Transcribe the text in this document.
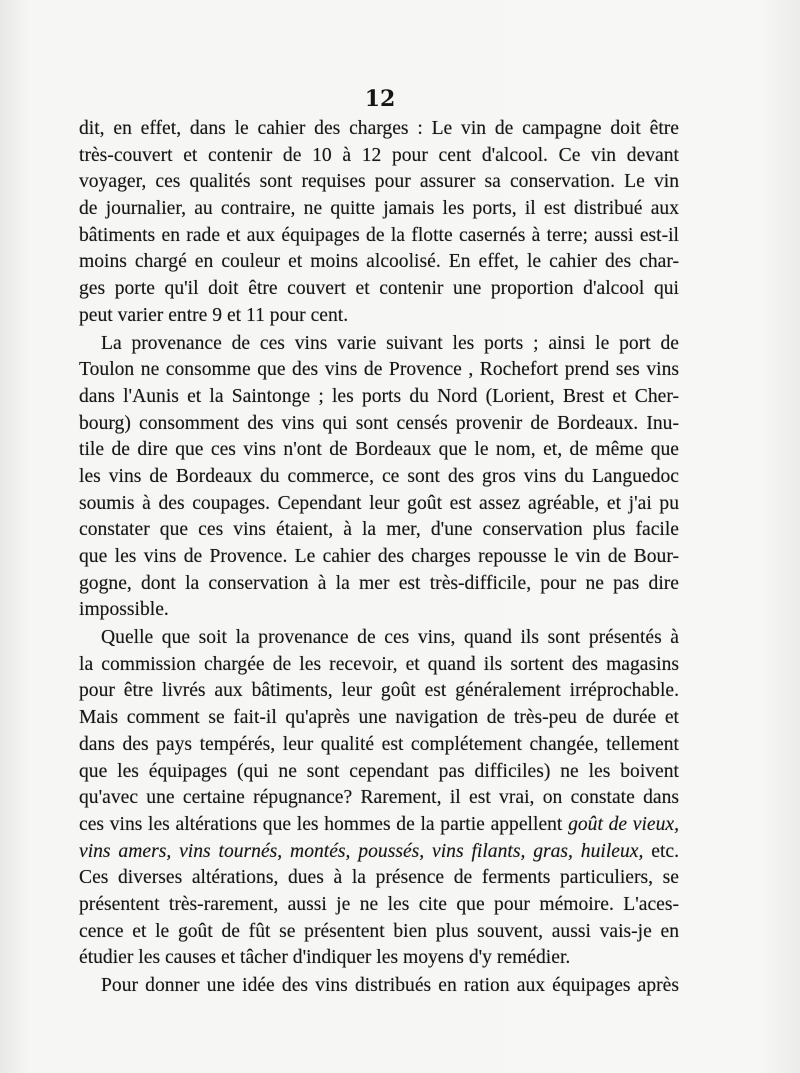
12
dit, en effet, dans le cahier des charges : Le vin de campagne doit être
très-couvert et contenir de 10 à 12 pour cent d'alcool. Ce vin devant
voyager, ces qualités sont requises pour assurer sa conservation. Le vin
de journalier, au contraire, ne quitte jamais les ports, il est distribué aux
bâtiments en rade et aux équipages de la flotte casernés à terre; aussi est-il
moins chargé en couleur et moins alcoolisé. En effet, le cahier des char-
ges porte qu'il doit être couvert et contenir une proportion d'alcool qui
peut varier entre 9 et 11 pour cent.
La provenance de ces vins varie suivant les ports ; ainsi le port de
Toulon ne consomme que des vins de Provence , Rochefort prend ses vins
dans l'Aunis et la Saintonge ; les ports du Nord (Lorient, Brest et Cher-
bourg) consomment des vins qui sont censés provenir de Bordeaux. Inu-
tile de dire que ces vins n'ont de Bordeaux que le nom, et, de même que
les vins de Bordeaux du commerce, ce sont des gros vins du Languedoc
soumis à des coupages. Cependant leur goût est assez agréable, et j'ai pu
constater que ces vins étaient, à la mer, d'une conservation plus facile
que les vins de Provence. Le cahier des charges repousse le vin de Bour-
gogne, dont la conservation à la mer est très-difficile, pour ne pas dire
impossible.
Quelle que soit la provenance de ces vins, quand ils sont présentés à
la commission chargée de les recevoir, et quand ils sortent des magasins
pour être livrés aux bâtiments, leur goût est généralement irréprochable.
Mais comment se fait-il qu'après une navigation de très-peu de durée et
dans des pays tempérés, leur qualité est complétement changée, tellement
que les équipages (qui ne sont cependant pas difficiles) ne les boivent
qu'avec une certaine répugnance? Rarement, il est vrai, on constate dans
ces vins les altérations que les hommes de la partie appellent goût de vieux,
vins amers, vins tournés, montés, poussés, vins filants, gras, huileux, etc.
Ces diverses altérations, dues à la présence de ferments particuliers, se
présentent très-rarement, aussi je ne les cite que pour mémoire. L'aces-
cence et le goût de fût se présentent bien plus souvent, aussi vais-je en
étudier les causes et tâcher d'indiquer les moyens d'y remédier.
Pour donner une idée des vins distribués en ration aux équipages après
